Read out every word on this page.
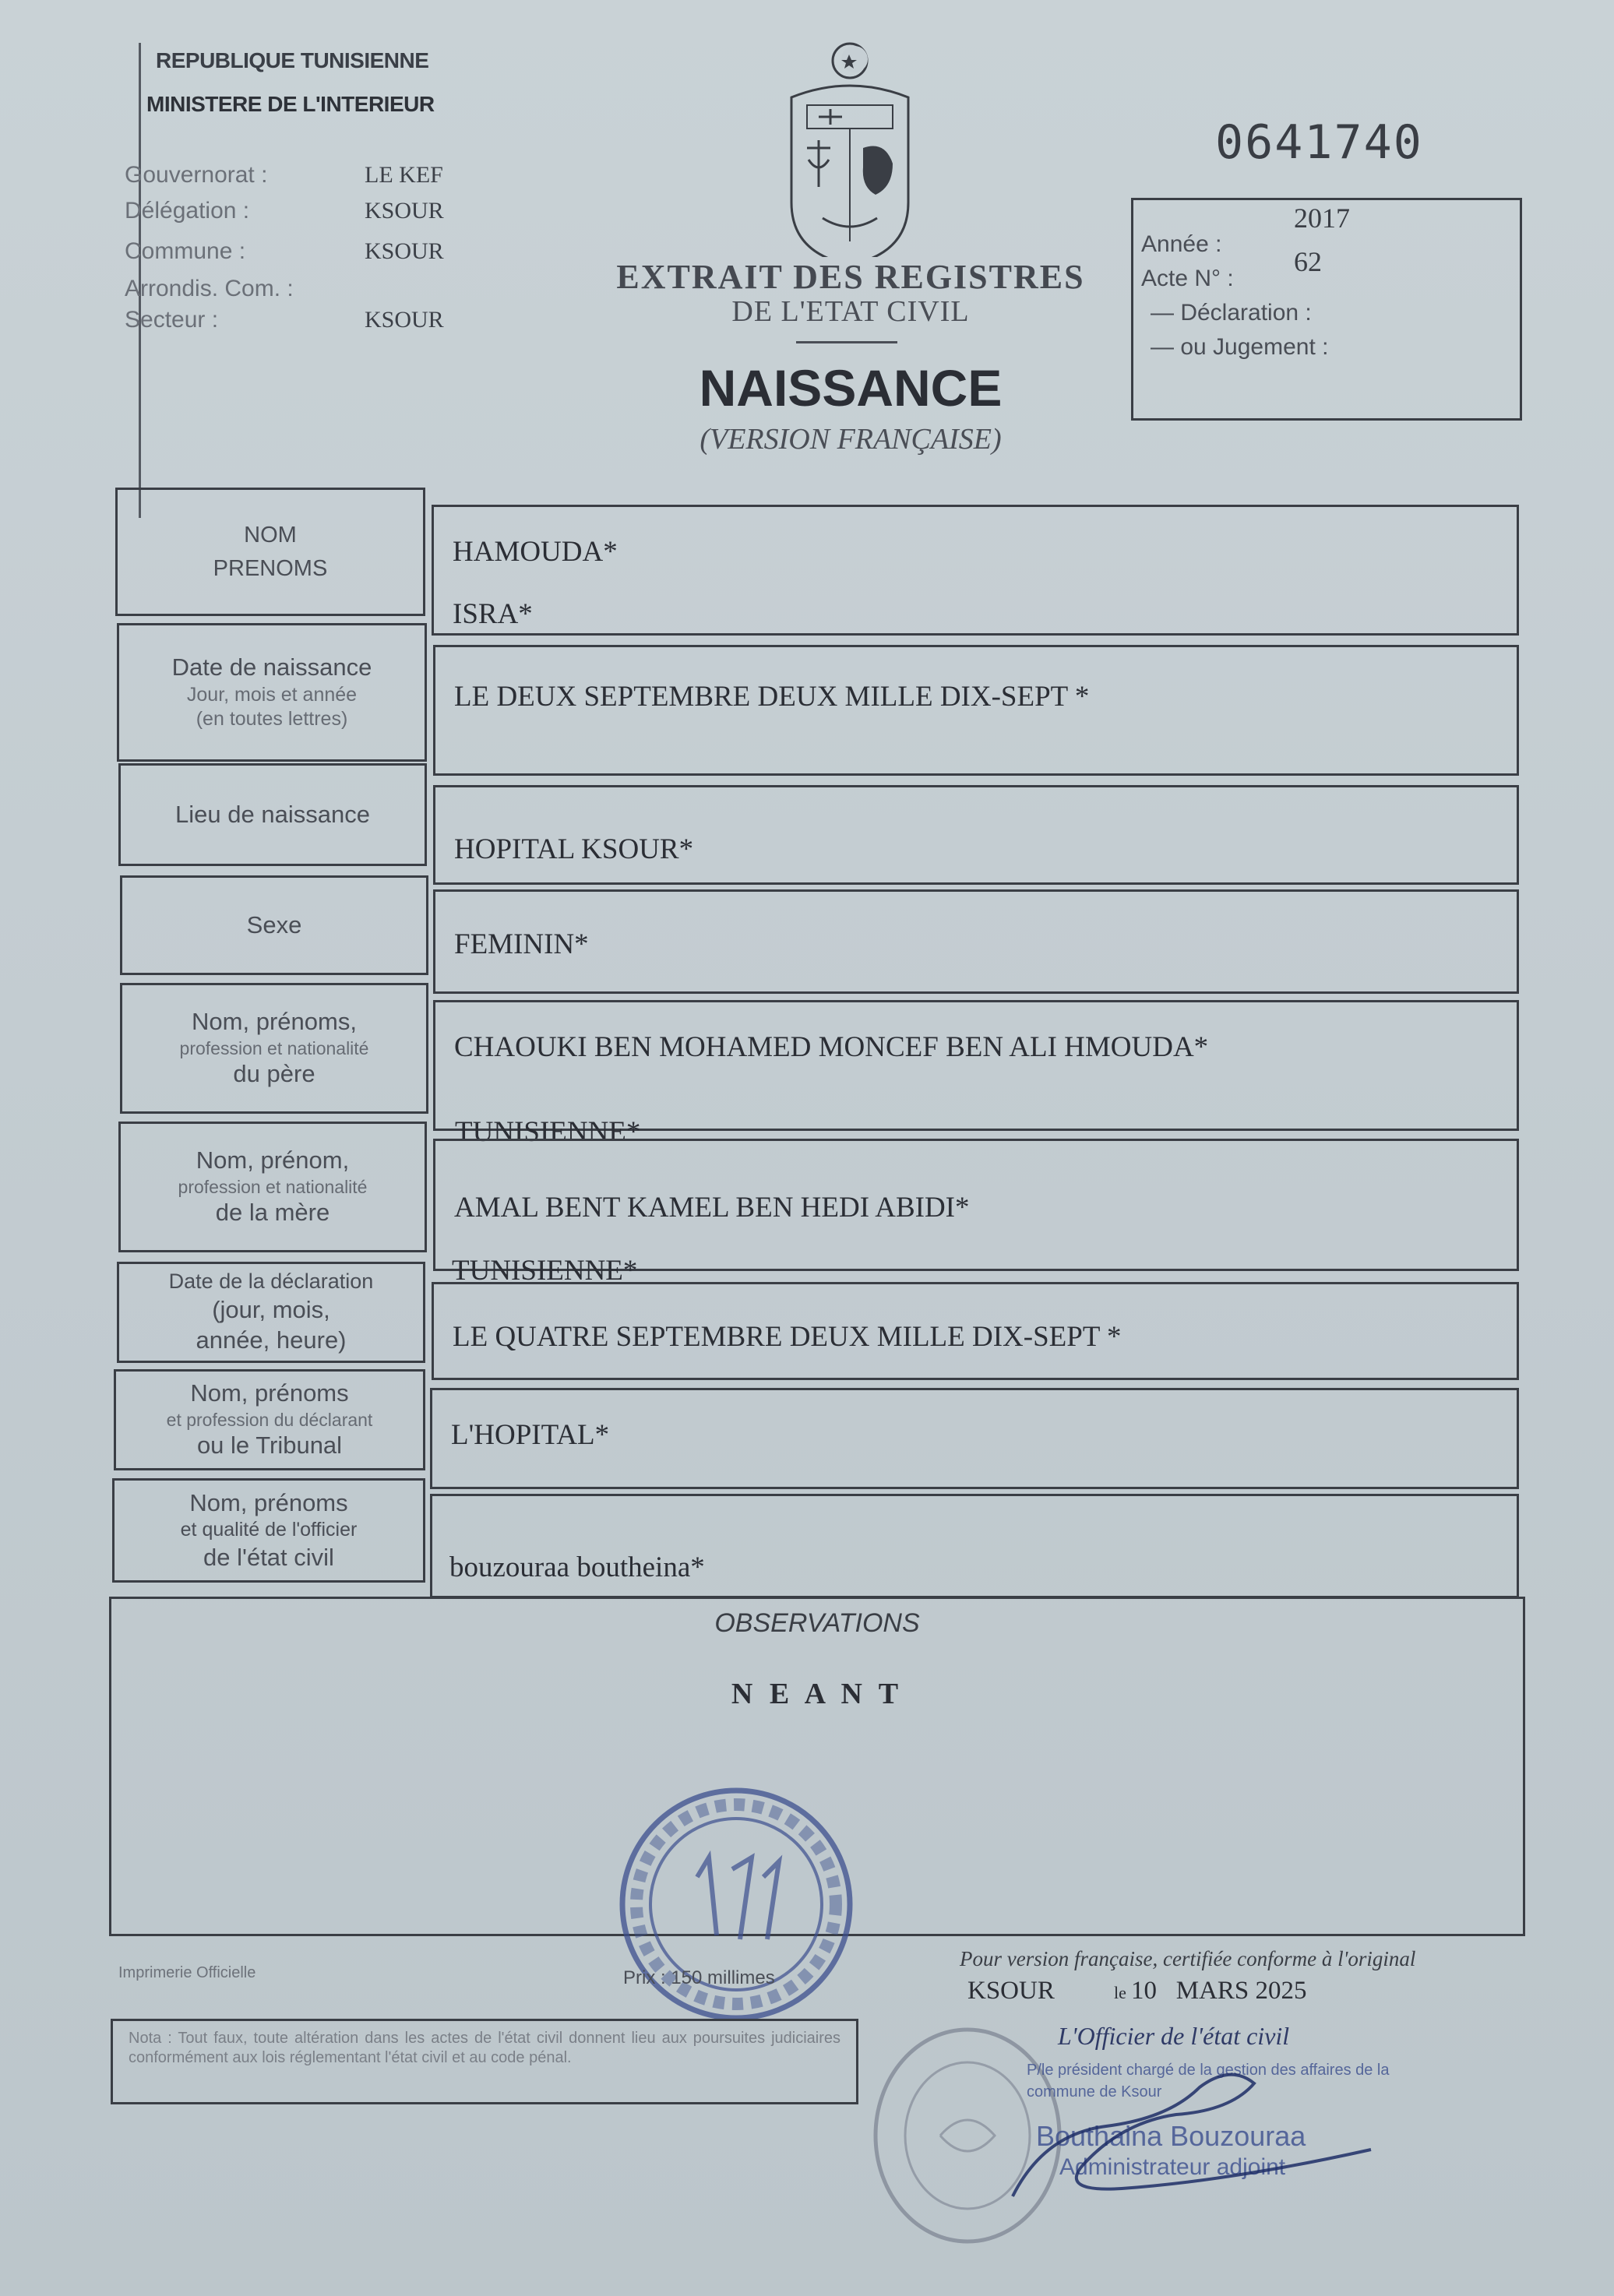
REPUBLIQUE TUNISIENNE
MINISTERE DE L'INTERIEUR
Gouvernorat :	LE KEF
Délégation :	KSOUR
Commune :	KSOUR
Arrondis. Com. :
Secteur :	KSOUR
EXTRAIT DES REGISTRES
DE L'ETAT CIVIL
NAISSANCE
(VERSION FRANÇAISE)
0641740
Année :
2017
Acte N° :
62
— Déclaration :
— ou Jugement :
NOM
PRENOMS
HAMOUDA*
ISRA*
Date de naissance
Jour, mois et année
(en toutes lettres)
LE DEUX SEPTEMBRE DEUX MILLE DIX-SEPT *
Lieu de naissance
HOPITAL KSOUR*
Sexe
FEMININ*
Nom, prénoms,
profession et nationalité
du père
CHAOUKI BEN MOHAMED MONCEF BEN ALI HMOUDA*
TUNISIENNE*
Nom, prénom,
profession et nationalité
de la mère	AMAL BENT KAMEL BEN HEDI ABIDI*
TUNISIENNE*
Date de la déclaration
(jour, mois,
année, heure)	LE QUATRE SEPTEMBRE DEUX MILLE DIX-SEPT *
Nom, prénoms
et profession du déclarant
ou le Tribunal	L'HOPITAL*
Nom, prénoms
et qualité de l'officier
de l'état civil	bouzouraa boutheina*
OBSERVATIONS
N E A N T
Imprimerie Officielle	Prix : 150 millimes
Pour version française, certifiée conforme à l'original
KSOUR	le 10   MARS 2025
Nota : Tout faux, toute altération dans les actes de l'état civil donnent lieu aux poursuites judiciaires conformément aux lois réglementant l'état civil et au code pénal.
L'Officier de l'état civil
P/le président chargé de la gestion des affaires de la commune de Ksour
Bouthaina Bouzouraa
Administrateur adjoint
